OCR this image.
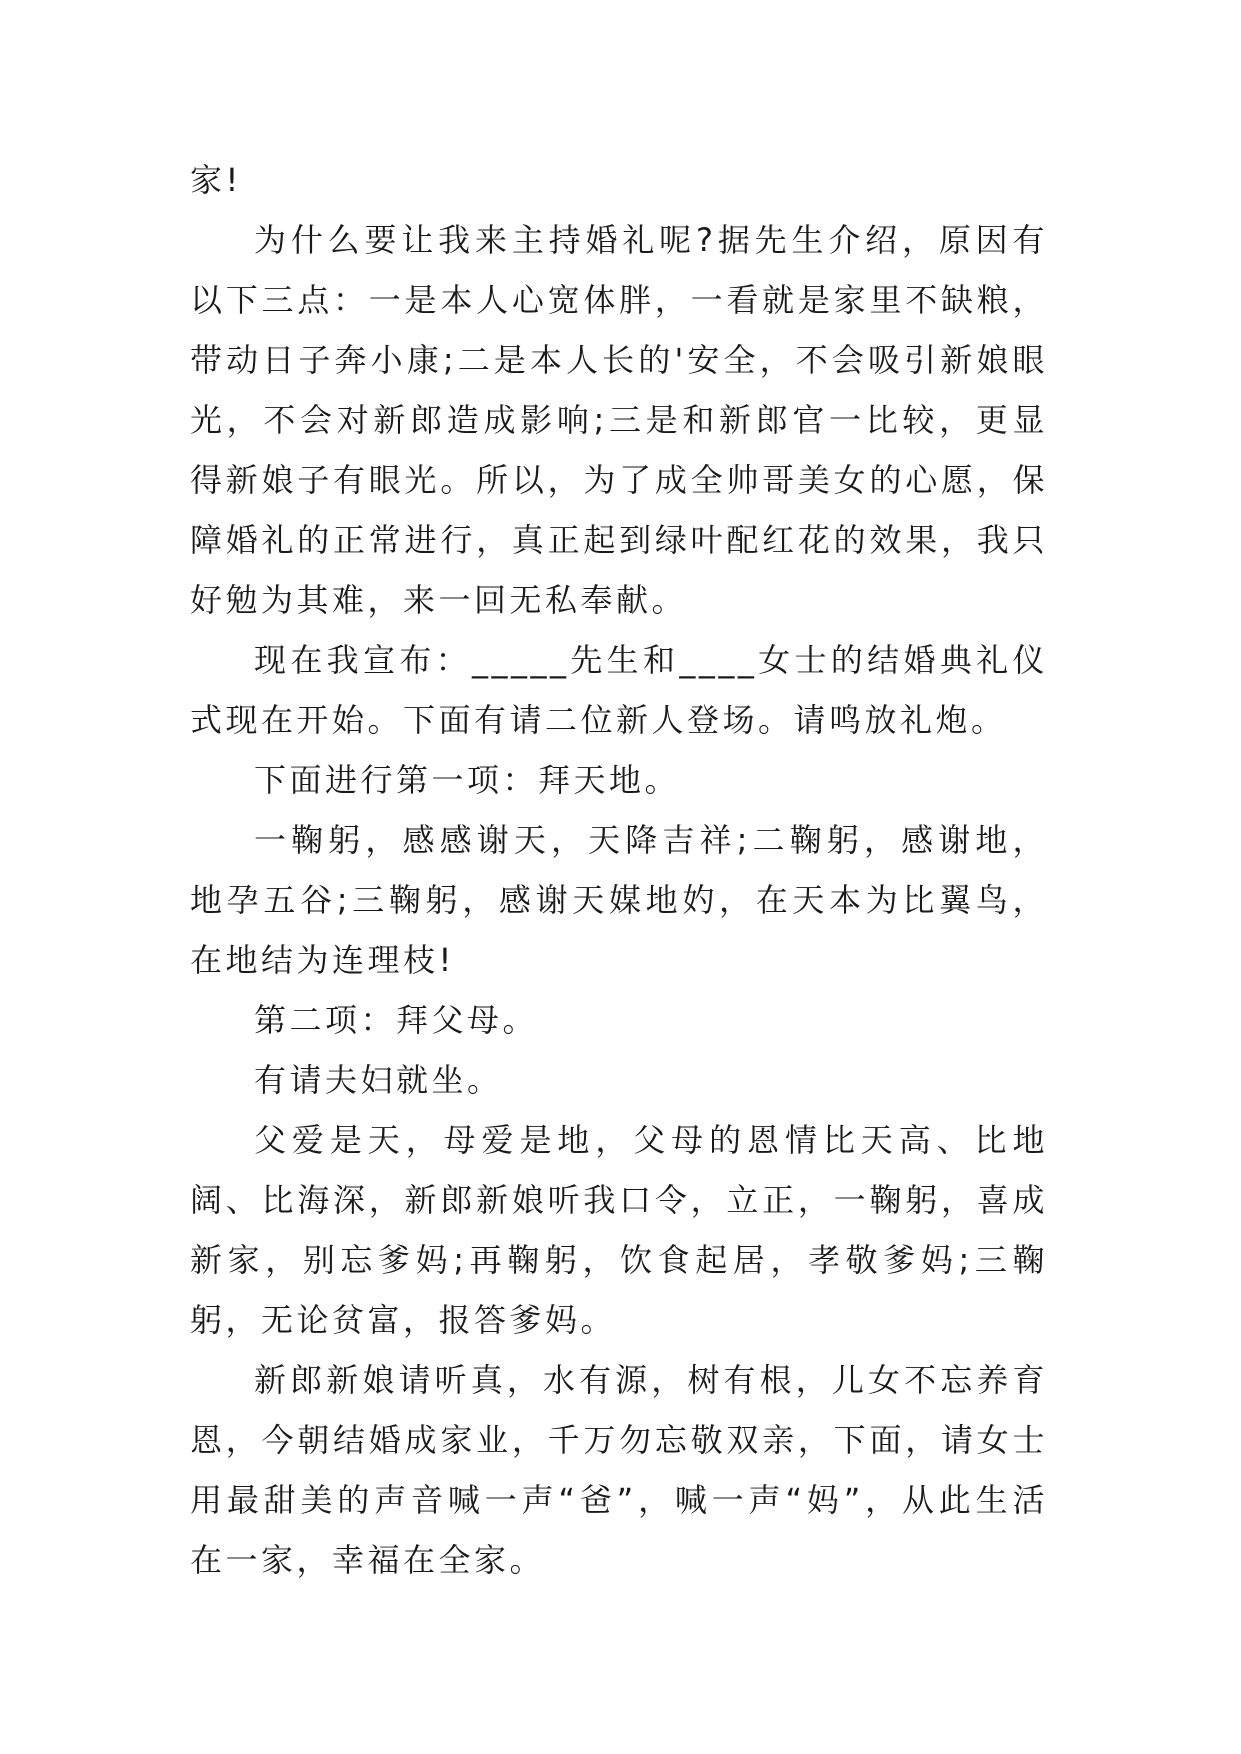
家!

为什么要让我来主持婚礼呢?据先生介绍，原因有以下三点：一是本人心宽体胖，一看就是家里不缺粮，带动日子奔小康;二是本人长的'安全，不会吸引新娘眼光，不会对新郎造成影响;三是和新郎官一比较，更显得新娘子有眼光。所以，为了成全帅哥美女的心愿，保障婚礼的正常进行，真正起到绿叶配红花的效果，我只好勉为其难，来一回无私奉献。

现在我宣布：_____先生和____女士的结婚典礼仪式现在开始。下面有请二位新人登场。请鸣放礼炮。

下面进行第一项：拜天地。

一鞠躬，感感谢天，天降吉祥;二鞠躬，感谢地，地孕五谷;三鞠躬，感谢天媒地妁，在天本为比翼鸟，在地结为连理枝!

第二项：拜父母。

有请夫妇就坐。

父爱是天，母爱是地，父母的恩情比天高、比地阔、比海深，新郎新娘听我口令，立正，一鞠躬，喜成新家，别忘爹妈;再鞠躬，饮食起居，孝敬爹妈;三鞠躬，无论贫富，报答爹妈。

新郎新娘请听真，水有源，树有根，儿女不忘养育恩，今朝结婚成家业，千万勿忘敬双亲，下面，请女士用最甜美的声音喊一声“爸”，喊一声“妈”，从此生活在一家，幸福在全家。
